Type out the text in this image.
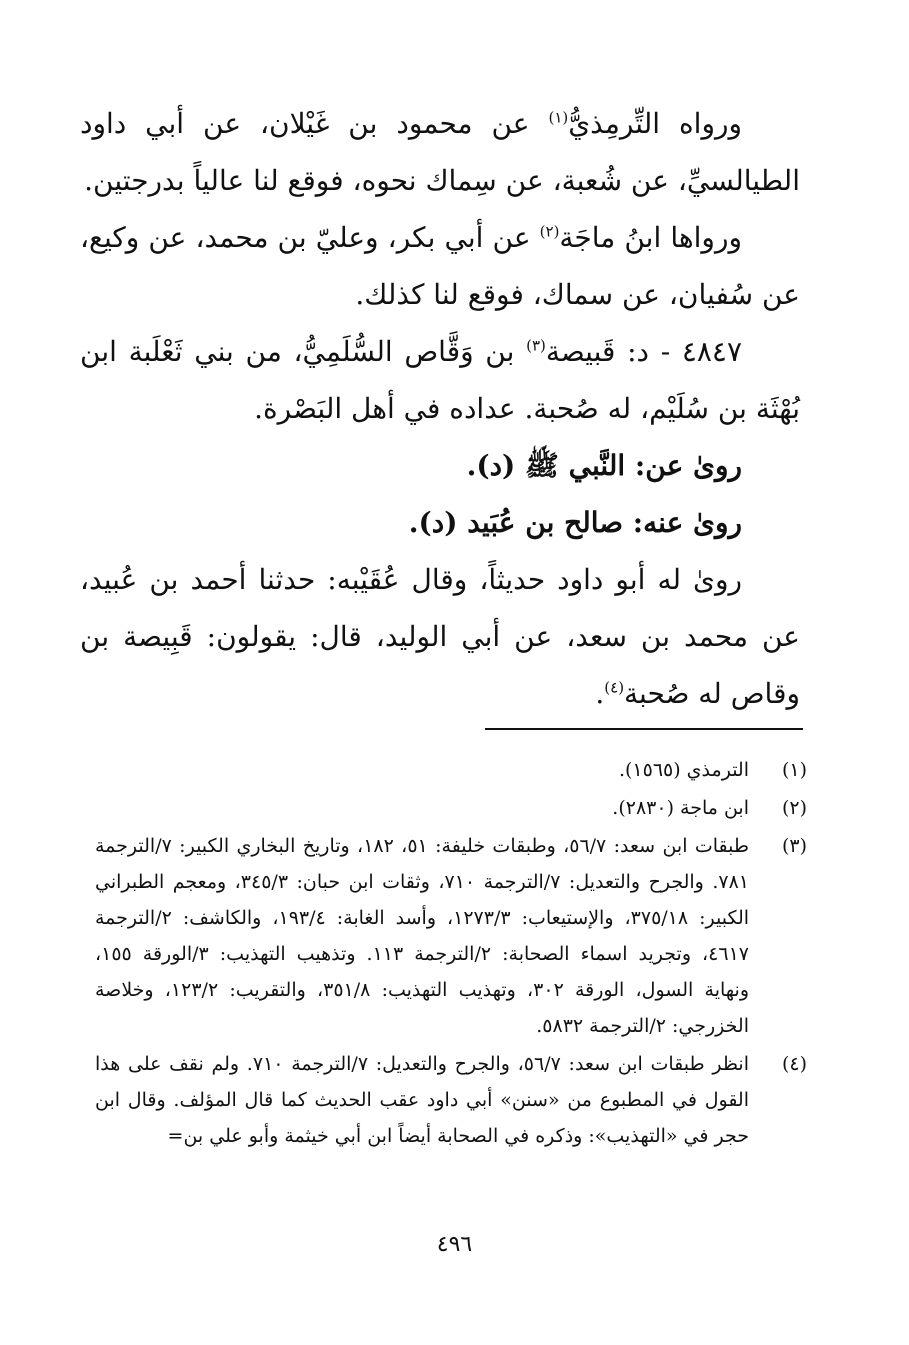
ورواه التِّرمِذيُّ$^{(١)}$ عن محمود بن غَيْلان، عن أبي داود الطيالسيِّ، عن شُعبة، عن سِماك نحوه، فوقع لنا عالياً بدرجتين.

ورواها ابنُ ماجَة$^{(٢)}$ عن أبي بكر، وعليّ بن محمد، عن وكيع، عن سُفيان، عن سماك، فوقع لنا كذلك.

٤٨٤٧ - د: قَبيصة$^{(٣)}$ بن وَقَّاص السُّلَمِيُّ، من بني ثَعْلَبة ابن بُهْثَة بن سُلَيْم، له صُحبة. عداده في أهل البَصْرة.

روىٰ عن: النَّبي ﷺ (د).

روىٰ عنه: صالح بن عُبَيد (د).

روىٰ له أبو داود حديثاً، وقال عُقَيْبه: حدثنا أحمد بن عُبيد، عن محمد بن سعد، عن أبي الوليد، قال: يقولون: قَبِيصة بن وقاص له صُحبة$^{(٤)}$.

(١)
الترمذي (١٥٦٥).
(٢)
ابن ماجة (٢٨٣٠).
(٣)
طبقات ابن سعد: ٥٦/٧، وطبقات خليفة: ٥١، ١٨٢، وتاريخ البخاري الكبير: ٧/الترجمة ٧٨١. والجرح والتعديل: ٧/الترجمة ٧١٠، وثقات ابن حبان: ٣٤٥/٣، ومعجم الطبراني الكبير: ٣٧٥/١٨، والإستيعاب: ١٢٧٣/٣، وأسد الغابة: ١٩٣/٤، والكاشف: ٢/الترجمة ٤٦١٧، وتجريد اسماء الصحابة: ٢/الترجمة ١١٣. وتذهيب التهذيب: ٣/الورقة ١٥٥، ونهاية السول، الورقة ٣٠٢، وتهذيب التهذيب: ٣٥١/٨، والتقريب: ١٢٣/٢، وخلاصة الخزرجي: ٢/الترجمة ٥٨٣٢.
(٤)
انظر طبقات ابن سعد: ٥٦/٧، والجرح والتعديل: ٧/الترجمة ٧١٠. ولم نقف على هذا القول في المطبوع من «سنن» أبي داود عقب الحديث كما قال المؤلف. وقال ابن حجر في «التهذيب»: وذكره في الصحابة أيضاً ابن أبي خيثمة وأبو علي بن=
٤٩٦
